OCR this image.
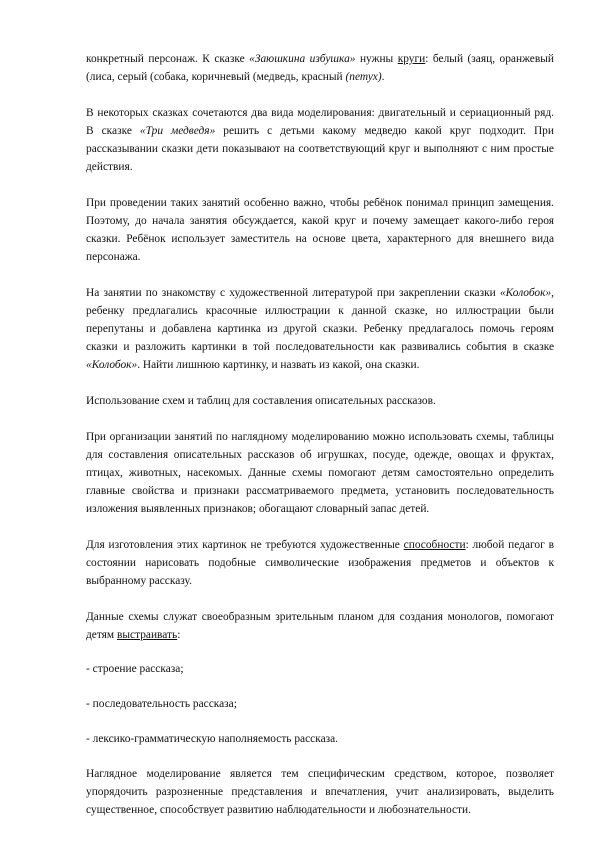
конкретный персонаж. К сказке «Заюшкина избушка» нужны круги: белый (заяц, оранжевый (лиса, серый (собака, коричневый (медведь, красный (петух).

В некоторых сказках сочетаются два вида моделирования: двигательный и сериационный ряд. В сказке «Три медведя» решить с детьми какому медведю какой круг подходит. При рассказывании сказки дети показывают на соответствующий круг и выполняют с ним простые действия.

При проведении таких занятий особенно важно, чтобы ребёнок понимал принцип замещения. Поэтому, до начала занятия обсуждается, какой круг и почему замещает какого-либо героя сказки. Ребёнок использует заместитель на основе цвета, характерного для внешнего вида персонажа.

На занятии по знакомству с художественной литературой при закреплении сказки «Колобок», ребенку предлагались красочные иллюстрации к данной сказке, но иллюстрации были перепутаны и добавлена картинка из другой сказки. Ребенку предлагалось помочь героям сказки и разложить картинки в той последовательности как развивались события в сказке «Колобок». Найти лишнюю картинку, и назвать из какой, она сказки.

Использование схем и таблиц для составления описательных рассказов.

При организации занятий по наглядному моделированию можно использовать схемы, таблицы для составления описательных рассказов об игрушках, посуде, одежде, овощах и фруктах, птицах, животных, насекомых. Данные схемы помогают детям самостоятельно определить главные свойства и признаки рассматриваемого предмета, установить последовательность изложения выявленных признаков; обогащают словарный запас детей.

Для изготовления этих картинок не требуются художественные способности: любой педагог в состоянии нарисовать подобные символические изображения предметов и объектов к выбранному рассказу.

Данные схемы служат своеобразным зрительным планом для создания монологов, помогают детям выстраивать:

- строение рассказа;

- последовательность рассказа;

- лексико-грамматическую наполняемость рассказа.

Наглядное моделирование является тем специфическим средством, которое, позволяет упорядочить разрозненные представления и впечатления, учит анализировать, выделить существенное, способствует развитию наблюдательности и любознательности.
